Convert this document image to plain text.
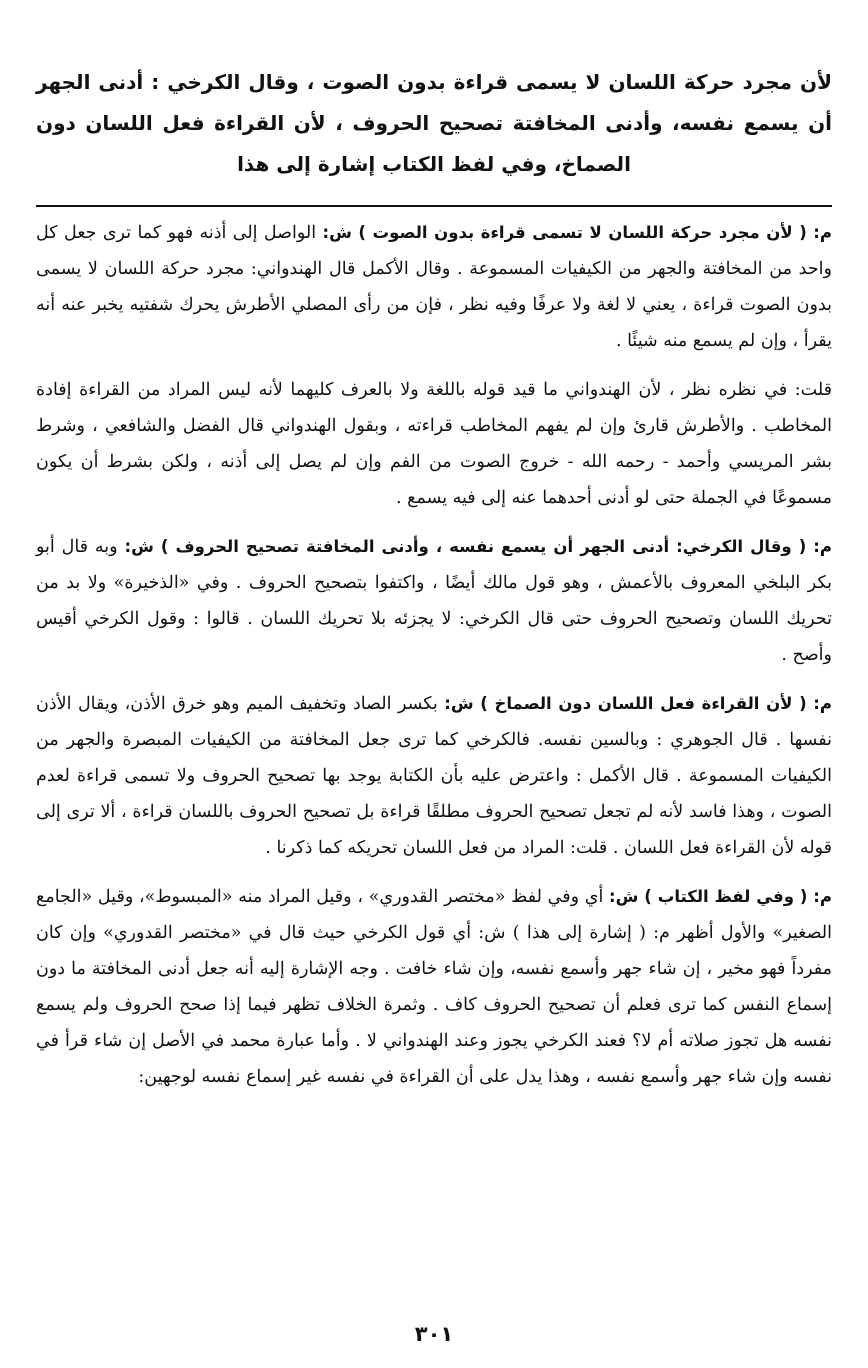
لأن مجرد حركة اللسان لا يسمى قراءة بدون الصوت ، وقال الكرخي : أدنى الجهر أن يسمع نفسه، وأدنى المخافتة تصحيح الحروف ، لأن القراءة فعل اللسان دون الصماخ، وفي لفظ الكتاب إشارة إلى هذا

م: ( لأن مجرد حركة اللسان لا تسمى قراءة بدون الصوت ) ش: الواصل إلى أذنه فهو كما ترى جعل كل واحد من المخافتة والجهر من الكيفيات المسموعة . وقال الأكمل قال الهندواني: مجرد حركة اللسان لا يسمى بدون الصوت قراءة ، يعني لا لغة ولا عرفًا وفيه نظر ، فإن من رأى المصلي الأطرش يحرك شفتيه يخبر عنه أنه يقرأ ، وإن لم يسمع منه شيئًا .

قلت: في نظره نظر ، لأن الهندواني ما قيد قوله باللغة ولا بالعرف كليهما لأنه ليس المراد من القراءة إفادة المخاطب . والأطرش قارئ وإن لم يفهم المخاطب قراءته ، وبقول الهندواني قال الفضل والشافعي ، وشرط بشر المريسي وأحمد - رحمه الله - خروج الصوت من الفم وإن لم يصل إلى أذنه ، ولكن بشرط أن يكون مسموعًا في الجملة حتى لو أدنى أحدهما عنه إلى فيه يسمع .

م: ( وقال الكرخي: أدنى الجهر أن يسمع نفسه ، وأدنى المخافتة تصحيح الحروف ) ش: وبه قال أبو بكر البلخي المعروف بالأعمش ، وهو قول مالك أيضًا ، واكتفوا بتصحيح الحروف . وفي «الذخيرة» ولا بد من تحريك اللسان وتصحيح الحروف حتى قال الكرخي: لا يجزئه بلا تحريك اللسان . قالوا : وقول الكرخي أقيس وأصح .

م: ( لأن القراءة فعل اللسان دون الصماخ ) ش: بكسر الصاد وتخفيف الميم وهو خرق الأذن، ويقال الأذن نفسها . قال الجوهري : وبالسين نفسه. فالكرخي كما ترى جعل المخافتة من الكيفيات المبصرة والجهر من الكيفيات المسموعة . قال الأكمل : واعترض عليه بأن الكتابة يوجد بها تصحيح الحروف ولا تسمى قراءة لعدم الصوت ، وهذا فاسد لأنه لم تجعل تصحيح الحروف مطلقًا قراءة بل تصحيح الحروف باللسان قراءة ، ألا ترى إلى قوله لأن القراءة فعل اللسان . قلت: المراد من فعل اللسان تحريكه كما ذكرنا .

م: ( وفي لفظ الكتاب ) ش: أي وفي لفظ «مختصر القدوري» ، وقيل المراد منه «المبسوط»، وقيل «الجامع الصغير» والأول أظهر م: ( إشارة إلى هذا ) ش: أي قول الكرخي حيث قال في «مختصر القدوري» وإن كان مفرداً فهو مخير ، إن شاء جهر وأسمع نفسه، وإن شاء خافت . وجه الإشارة إليه أنه جعل أدنى المخافتة ما دون إسماع النفس كما ترى فعلم أن تصحيح الحروف كاف . وثمرة الخلاف تظهر فيما إذا صحح الحروف ولم يسمع نفسه هل تجوز صلاته أم لا؟ فعند الكرخي يجوز وعند الهندواني لا . وأما عبارة محمد في الأصل إن شاء قرأ في نفسه وإن شاء جهر وأسمع نفسه ، وهذا يدل على أن القراءة في نفسه غير إسماع نفسه لوجهين:

٣٠١
